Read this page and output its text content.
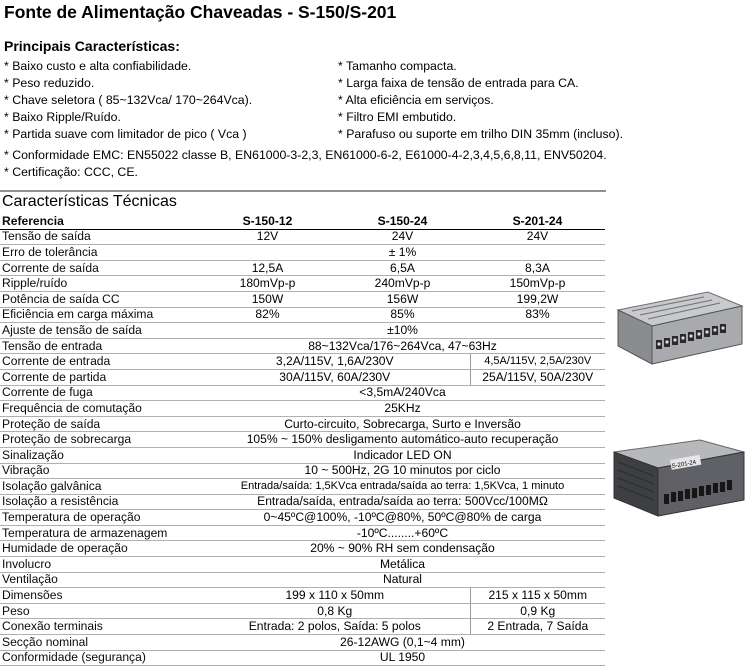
Fonte de Alimentação Chaveadas - S-150/S-201
Principais Características:
* Baixo custo e alta confiabilidade.
* Peso reduzido.
* Chave seletora ( 85~132Vca/ 170~264Vca).
* Baixo Ripple/Ruído.
* Partida suave com limitador de pico ( Vca )
* Tamanho compacta.
* Larga faixa de tensão de entrada para CA.
* Alta eficiência em serviços.
* Filtro EMI embutido.
* Parafuso ou suporte em trilho DIN 35mm (incluso).
* Conformidade EMC: EN55022 classe B, EN61000-3-2,3, EN61000-6-2, E61000-4-2,3,4,5,6,8,11, ENV50204.
* Certificação: CCC, CE.
Características Técnicas
Referencia	S-150-12	S-150-24	S-201-24
Tensão de saída	12V	24V	24V
Erro de tolerância	± 1%		
Corrente de saída	12,5A	6,5A	8,3A
Ripple/ruído	180mVp-p	240mVp-p	150mVp-p
Potência de saída CC	150W	156W	199,2W
Eficiência em carga máxima	82%	85%	83%
Ajuste de tensão de saída	±10%		
Tensão de entrada	88~132Vca/176~264Vca, 47~63Hz		
Corrente de entrada	3,2A/115V, 1,6A/230V		4,5A/115V, 2,5A/230V
Corrente de partida	30A/115V, 60A/230V		25A/115V, 50A/230V
Corrente de fuga	<3,5mA/240Vca		
Frequência de comutação	25KHz		
Proteção de saída	Curto-circuito, Sobrecarga, Surto e Inversão		
Proteção de sobrecarga	105% ~ 150% desligamento automático-auto recuperação		
Sinalização	Indicador LED ON		
Vibração	10 ~ 500Hz, 2G 10 minutos por ciclo		
Isolação galvânica	Entrada/saída: 1,5KVca entrada/saída ao terra: 1,5KVca, 1 minuto		
Isolação a resistência	Entrada/saída, entrada/saída ao terra: 500Vcc/100MΩ		
Temperatura de operação	0~45ºC@100%, -10ºC@80%, 50ºC@80% de carga		
Temperatura de armazenagem	-10ºC........+60ºC		
Humidade de operação	20% ~ 90% RH sem condensação		
Involucro	Metálica		
Ventilação	Natural		
Dimensões	199 x 110 x 50mm		215 x 115 x 50mm
Peso	0,8 Kg		0,9 Kg
Conexão terminais	Entrada: 2 polos, Saída: 5 polos		2 Entrada, 7 Saída
Secção nominal	26-12AWG (0,1~4 mm)		
Conformidade (segurança)	UL 1950		
S-201-24
